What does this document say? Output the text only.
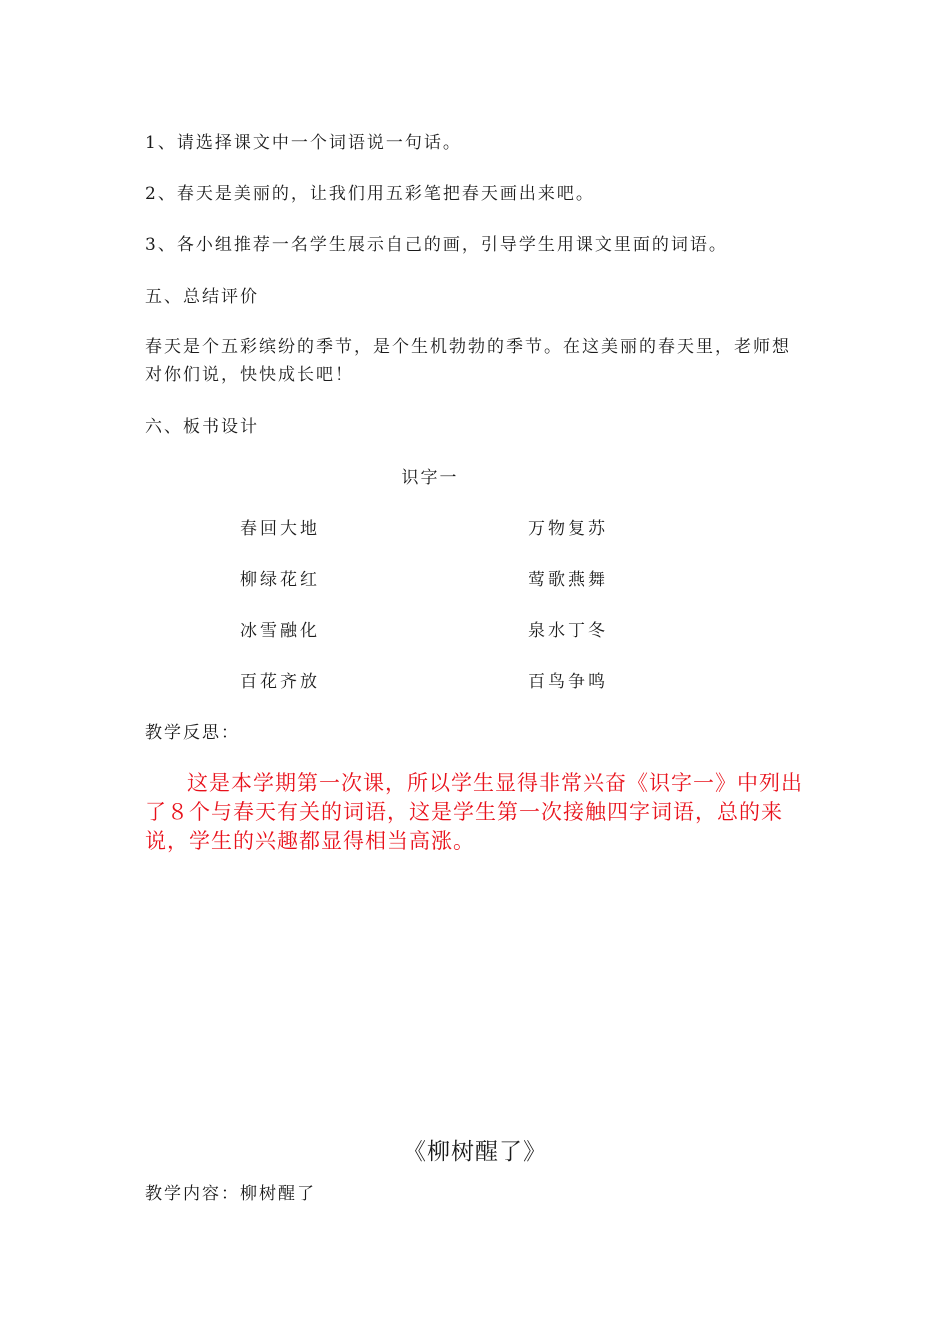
1、请选择课文中一个词语说一句话。
2、春天是美丽的，让我们用五彩笔把春天画出来吧。
3、各小组推荐一名学生展示自己的画，引导学生用课文里面的词语。
五、总结评价
春天是个五彩缤纷的季节，是个生机勃勃的季节。在这美丽的春天里，老师想对你们说，快快成长吧！
六、板书设计
识字一
春回大地	万物复苏
柳绿花红	莺歌燕舞
冰雪融化	泉水丁冬
百花齐放	百鸟争鸣
教学反思：
这是本学期第一次课，所以学生显得非常兴奋《识字一》中列出了８个与春天有关的词语，这是学生第一次接触四字词语，总的来说，学生的兴趣都显得相当高涨。
《柳树醒了》
教学内容：柳树醒了
